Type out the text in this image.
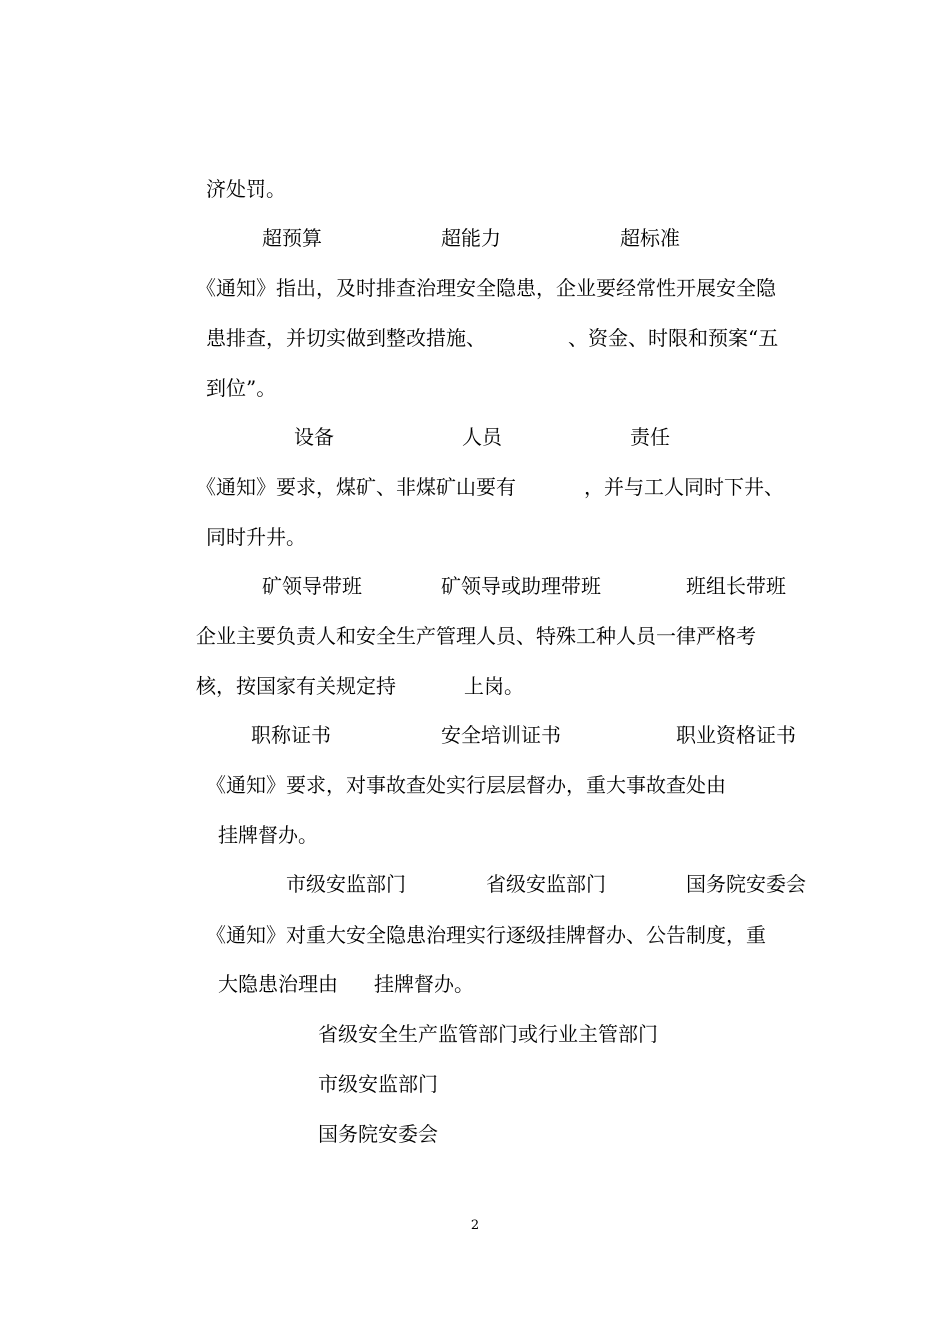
济处罚。
超预算	超能力	超标准
《通知》指出，及时排查治理安全隐患，企业要经常性开展安全隐
患排查，并切实做到整改措施、	、资金、时限和预案“五
到位”。
设备	人员	责任
《通知》要求，煤矿、非煤矿山要有	，并与工人同时下井、
同时升井。
矿领导带班	矿领导或助理带班	班组长带班
企业主要负责人和安全生产管理人员、特殊工种人员一律严格考
核，按国家有关规定持	上岗。
职称证书	安全培训证书	职业资格证书
《通知》要求，对事故查处实行层层督办，重大事故查处由
挂牌督办。
市级安监部门	省级安监部门	国务院安委会
《通知》对重大安全隐患治理实行逐级挂牌督办、公告制度，重
大隐患治理由 挂牌督办。
省级安全生产监管部门或行业主管部门
市级安监部门
国务院安委会
2
